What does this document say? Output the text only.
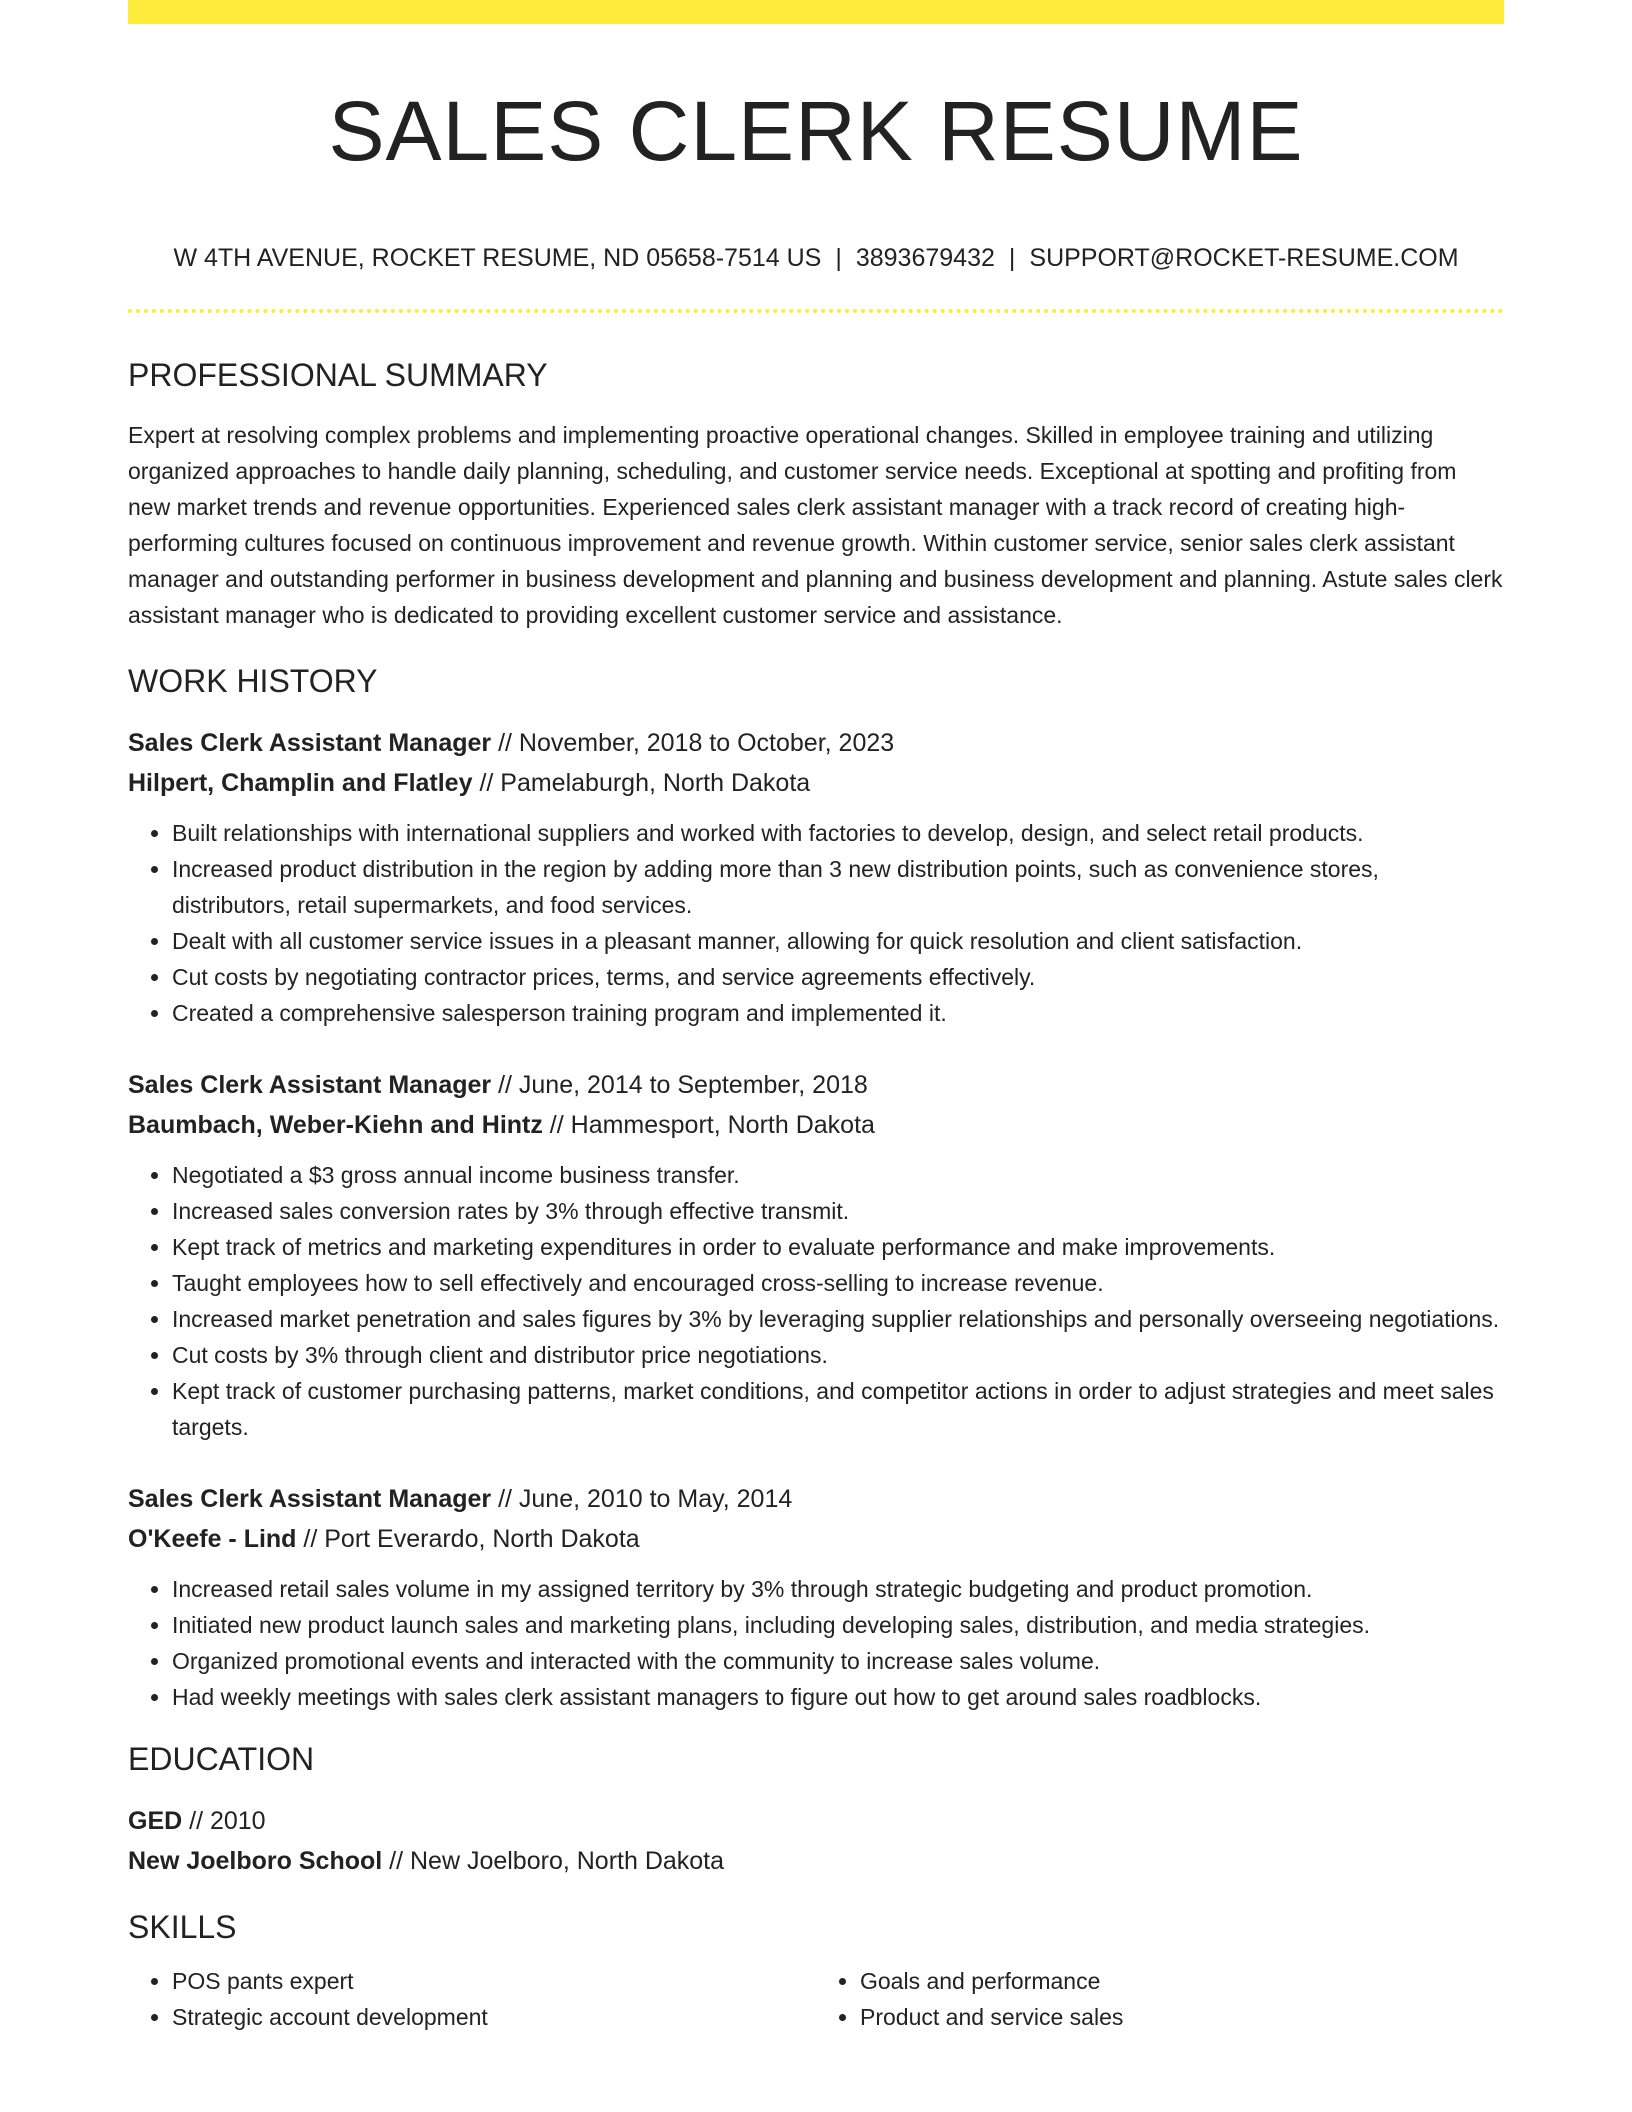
SALES CLERK RESUME
W 4TH AVENUE, ROCKET RESUME, ND 05658-7514 US | 3893679432 | SUPPORT@ROCKET-RESUME.COM
PROFESSIONAL SUMMARY
Expert at resolving complex problems and implementing proactive operational changes. Skilled in employee training and utilizing organized approaches to handle daily planning, scheduling, and customer service needs. Exceptional at spotting and profiting from new market trends and revenue opportunities. Experienced sales clerk assistant manager with a track record of creating high-performing cultures focused on continuous improvement and revenue growth. Within customer service, senior sales clerk assistant manager and outstanding performer in business development and planning and business development and planning. Astute sales clerk assistant manager who is dedicated to providing excellent customer service and assistance.
WORK HISTORY
Sales Clerk Assistant Manager // November, 2018 to October, 2023
Hilpert, Champlin and Flatley // Pamelaburgh, North Dakota
• Built relationships with international suppliers and worked with factories to develop, design, and select retail products.
• Increased product distribution in the region by adding more than 3 new distribution points, such as convenience stores, distributors, retail supermarkets, and food services.
• Dealt with all customer service issues in a pleasant manner, allowing for quick resolution and client satisfaction.
• Cut costs by negotiating contractor prices, terms, and service agreements effectively.
• Created a comprehensive salesperson training program and implemented it.
Sales Clerk Assistant Manager // June, 2014 to September, 2018
Baumbach, Weber-Kiehn and Hintz // Hammesport, North Dakota
• Negotiated a $3 gross annual income business transfer.
• Increased sales conversion rates by 3% through effective transmit.
• Kept track of metrics and marketing expenditures in order to evaluate performance and make improvements.
• Taught employees how to sell effectively and encouraged cross-selling to increase revenue.
• Increased market penetration and sales figures by 3% by leveraging supplier relationships and personally overseeing negotiations.
• Cut costs by 3% through client and distributor price negotiations.
• Kept track of customer purchasing patterns, market conditions, and competitor actions in order to adjust strategies and meet sales targets.
Sales Clerk Assistant Manager // June, 2010 to May, 2014
O'Keefe - Lind // Port Everardo, North Dakota
• Increased retail sales volume in my assigned territory by 3% through strategic budgeting and product promotion.
• Initiated new product launch sales and marketing plans, including developing sales, distribution, and media strategies.
• Organized promotional events and interacted with the community to increase sales volume.
• Had weekly meetings with sales clerk assistant managers to figure out how to get around sales roadblocks.
EDUCATION
GED // 2010
New Joelboro School // New Joelboro, North Dakota
SKILLS
• POS pants expert
• Strategic account development
• Goals and performance
• Product and service sales
